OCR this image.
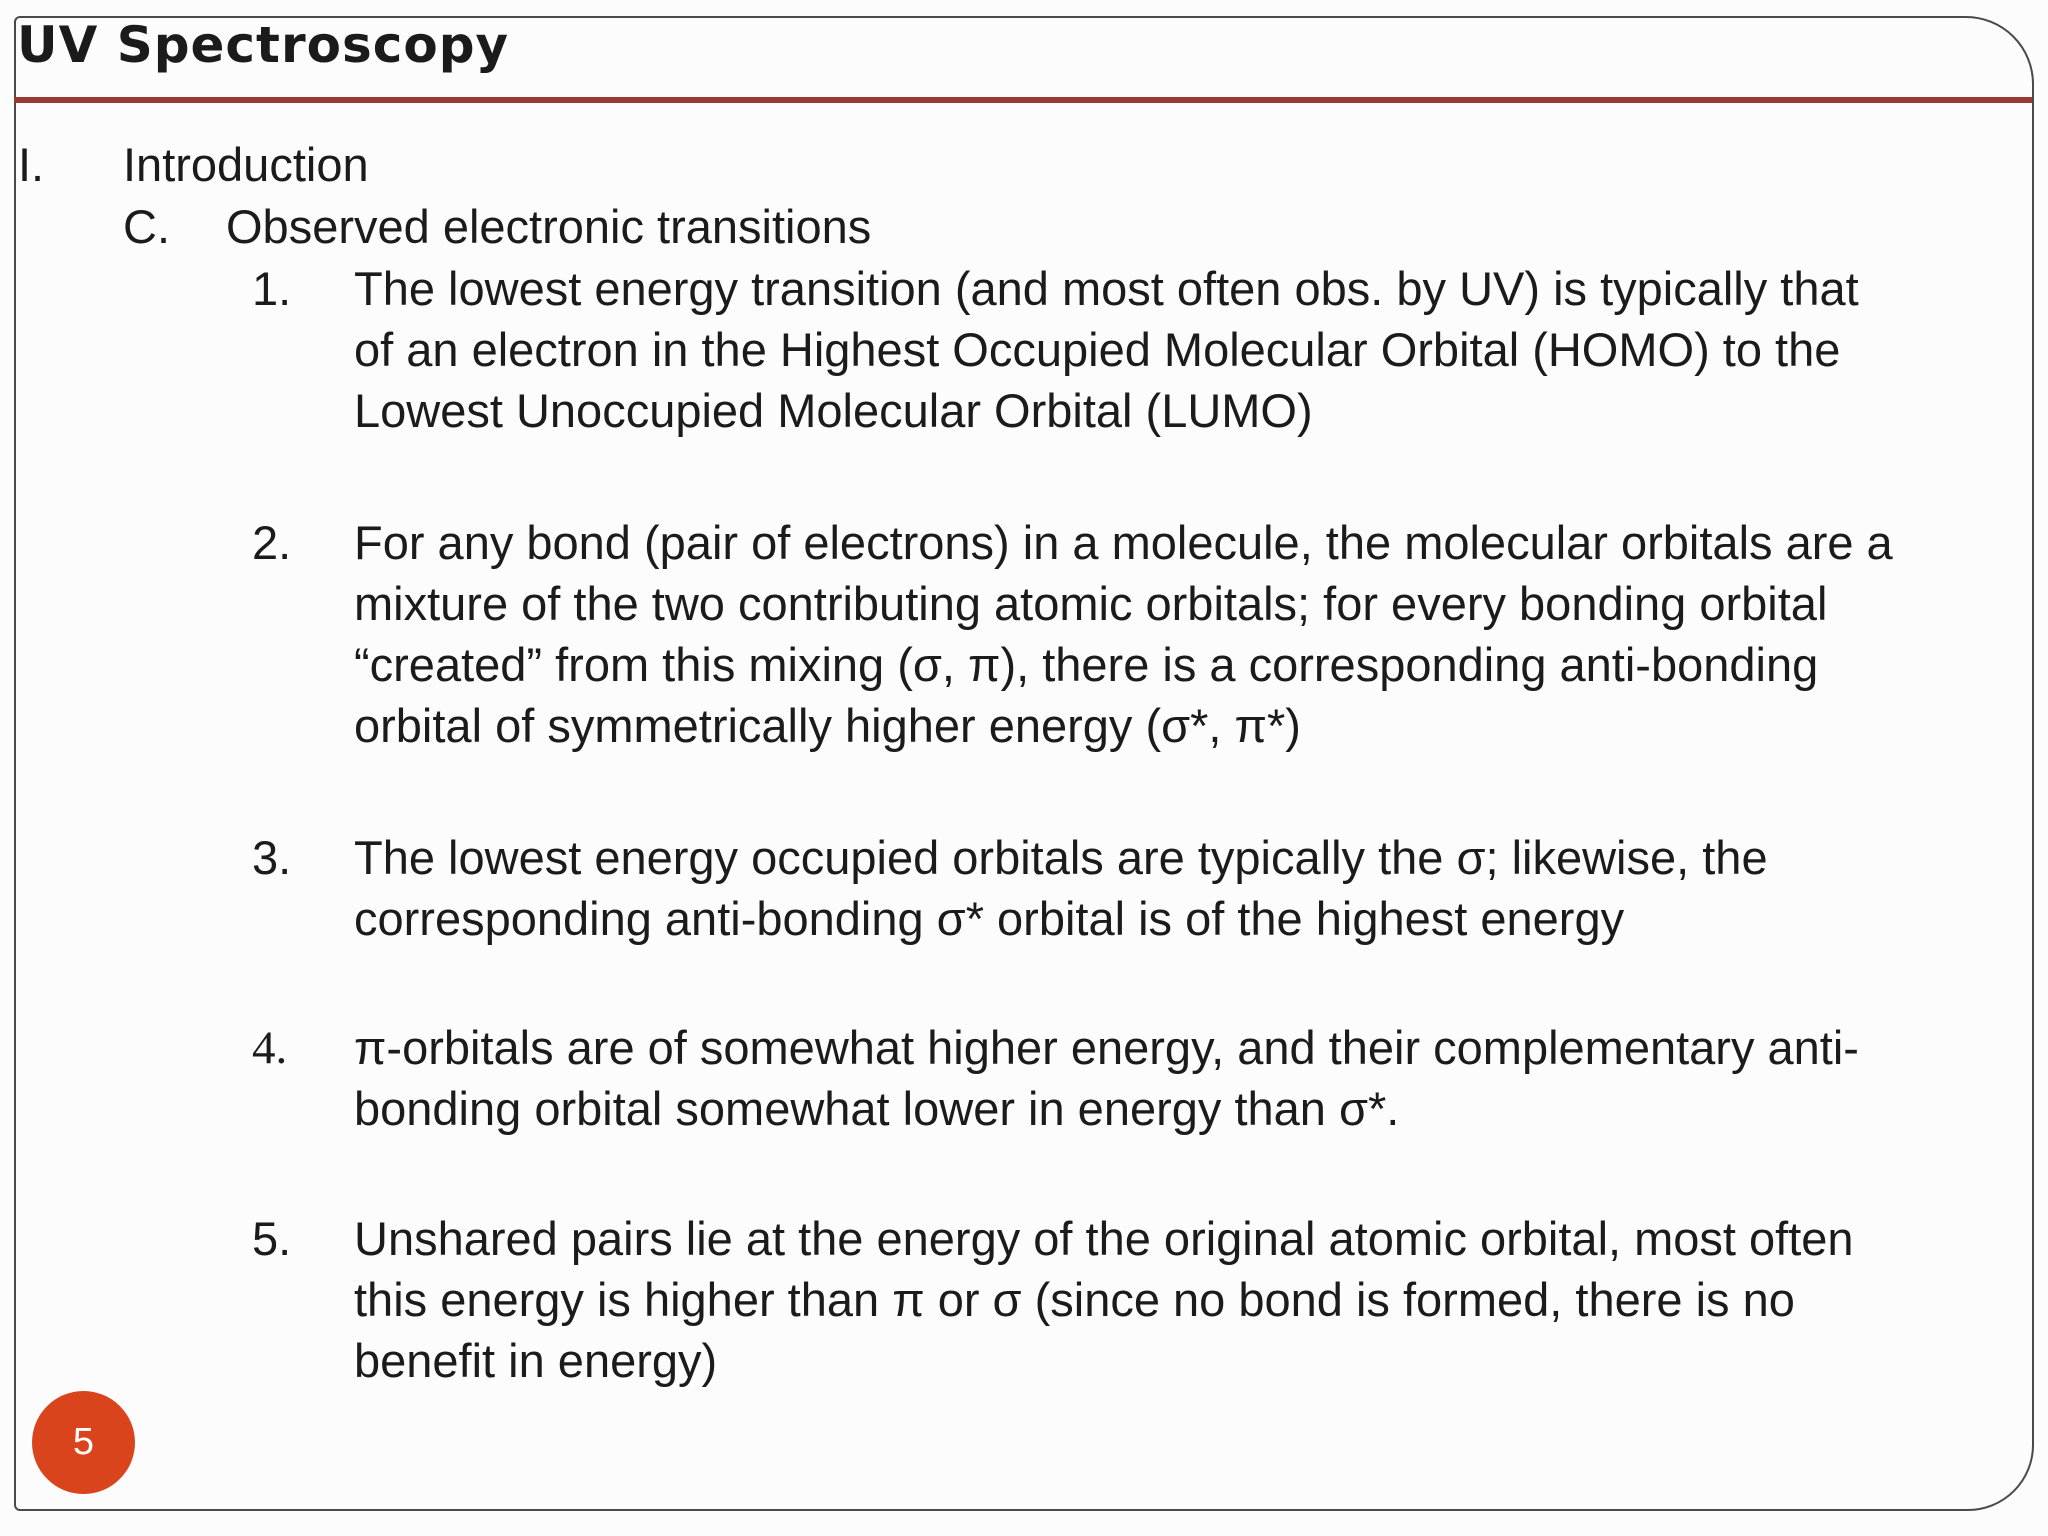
UV Spectroscopy
I. Introduction
C. Observed electronic transitions
1. The lowest energy transition (and most often obs. by UV) is typically that
of an electron in the Highest Occupied Molecular Orbital (HOMO) to the
Lowest Unoccupied Molecular Orbital (LUMO)
2. For any bond (pair of electrons) in a molecule, the molecular orbitals are a
mixture of the two contributing atomic orbitals; for every bonding orbital
“created” from this mixing (σ, π), there is a corresponding anti-bonding
orbital of symmetrically higher energy (σ*, π*)
3. The lowest energy occupied orbitals are typically the σ; likewise, the
corresponding anti-bonding σ* orbital is of the highest energy
4. π-orbitals are of somewhat higher energy, and their complementary anti-
bonding orbital somewhat lower in energy than σ*.
5. Unshared pairs lie at the energy of the original atomic orbital, most often
this energy is higher than π or σ (since no bond is formed, there is no
benefit in energy)
5
